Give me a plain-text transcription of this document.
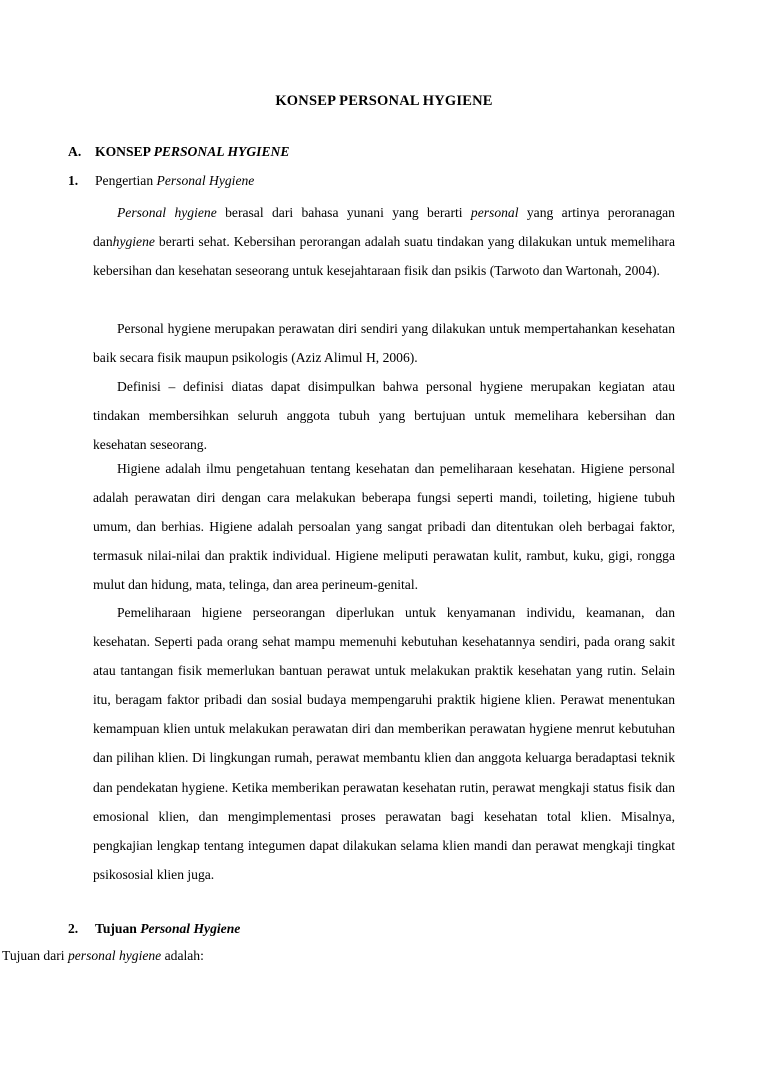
KONSEP PERSONAL HYGIENE
A. KONSEP PERSONAL HYGIENE
1. Pengertian Personal Hygiene
Personal hygiene berasal dari bahasa yunani yang berarti personal yang artinya peroranagan danhygiene berarti sehat. Kebersihan perorangan adalah suatu tindakan yang dilakukan untuk memelihara kebersihan dan kesehatan seseorang untuk kesejahtaraan fisik dan psikis (Tarwoto dan Wartonah, 2004).
Personal hygiene merupakan perawatan diri sendiri yang dilakukan untuk mempertahankan kesehatan baik secara fisik maupun psikologis (Aziz Alimul H, 2006).
Definisi – definisi diatas dapat disimpulkan bahwa personal hygiene merupakan kegiatan atau tindakan membersihkan seluruh anggota tubuh yang bertujuan untuk memelihara kebersihan dan kesehatan seseorang.
Higiene adalah ilmu pengetahuan tentang kesehatan dan pemeliharaan kesehatan. Higiene personal adalah perawatan diri dengan cara melakukan beberapa fungsi seperti mandi, toileting, higiene tubuh umum, dan berhias. Higiene adalah persoalan yang sangat pribadi dan ditentukan oleh berbagai faktor, termasuk nilai-nilai dan praktik individual. Higiene meliputi perawatan kulit, rambut, kuku, gigi, rongga mulut dan hidung, mata, telinga, dan area perineum-genital.
Pemeliharaan higiene perseorangan diperlukan untuk kenyamanan individu, keamanan, dan kesehatan. Seperti pada orang sehat mampu memenuhi kebutuhan kesehatannya sendiri, pada orang sakit atau tantangan fisik memerlukan bantuan perawat untuk melakukan praktik kesehatan yang rutin. Selain itu, beragam faktor pribadi dan sosial budaya mempengaruhi praktik higiene klien. Perawat menentukan kemampuan klien untuk melakukan perawatan diri dan memberikan perawatan hygiene menrut kebutuhan dan pilihan klien. Di lingkungan rumah, perawat membantu klien dan anggota keluarga beradaptasi teknik dan pendekatan hygiene. Ketika memberikan perawatan kesehatan rutin, perawat mengkaji status fisik dan emosional klien, dan mengimplementasi proses perawatan bagi kesehatan total klien. Misalnya, pengkajian lengkap tentang integumen dapat dilakukan selama klien mandi dan perawat mengkaji tingkat psikososial klien juga.
2. Tujuan Personal Hygiene
Tujuan dari personal hygiene adalah:
